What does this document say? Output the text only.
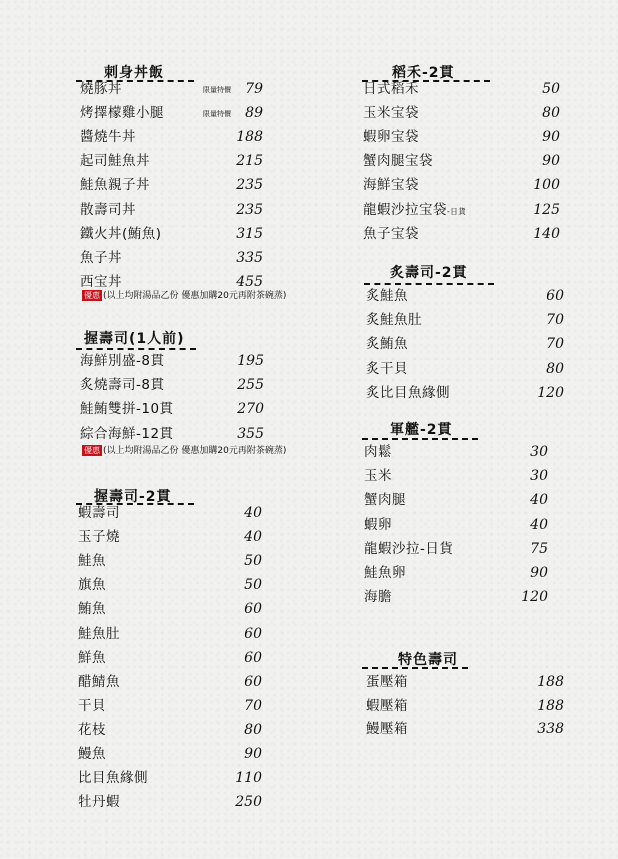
刺身丼飯
燒豚丼	限量特價	79
烤擇檬雞小腿	限量特價	89
醬燒牛丼	188
起司鮭魚丼	215
鮭魚親子丼	235
散壽司丼	235
鐵火丼(鮪魚)	315
魚子丼	335
西宝丼	455
優惠 (以上均附湯品乙份 優惠加購20元再附茶碗蒸)
握壽司(1人前)
海鮮別盛-8貫	195
炙燒壽司-8貫	255
鮭鮪雙拼-10貫	270
綜合海鮮-12貫	355
優惠 (以上均附湯品乙份 優惠加購20元再附茶碗蒸)
握壽司-2貫
蝦壽司	40
玉子燒	40
鮭魚	50
旗魚	50
鮪魚	60
鮭魚肚	60
鮮魚	60
醋鯖魚	60
干貝	70
花枝	80
鰻魚	90
比目魚緣側	110
牡丹蝦	250
稻禾-2貫
日式稻禾	50
玉米宝袋	80
蝦卵宝袋	90
蟹肉腿宝袋	90
海鮮宝袋	100
龍蝦沙拉宝袋-日貨	125
魚子宝袋	140
炙壽司-2貫
炙鮭魚	60
炙鮭魚肚	70
炙鮪魚	70
炙干貝	80
炙比目魚緣側	120
軍艦-2貫
肉鬆	30
玉米	30
蟹肉腿	40
蝦卵	40
龍蝦沙拉-日貨	75
鮭魚卵	90
海膽	120
特色壽司
蛋壓箱	188
蝦壓箱	188
鰻壓箱	338
